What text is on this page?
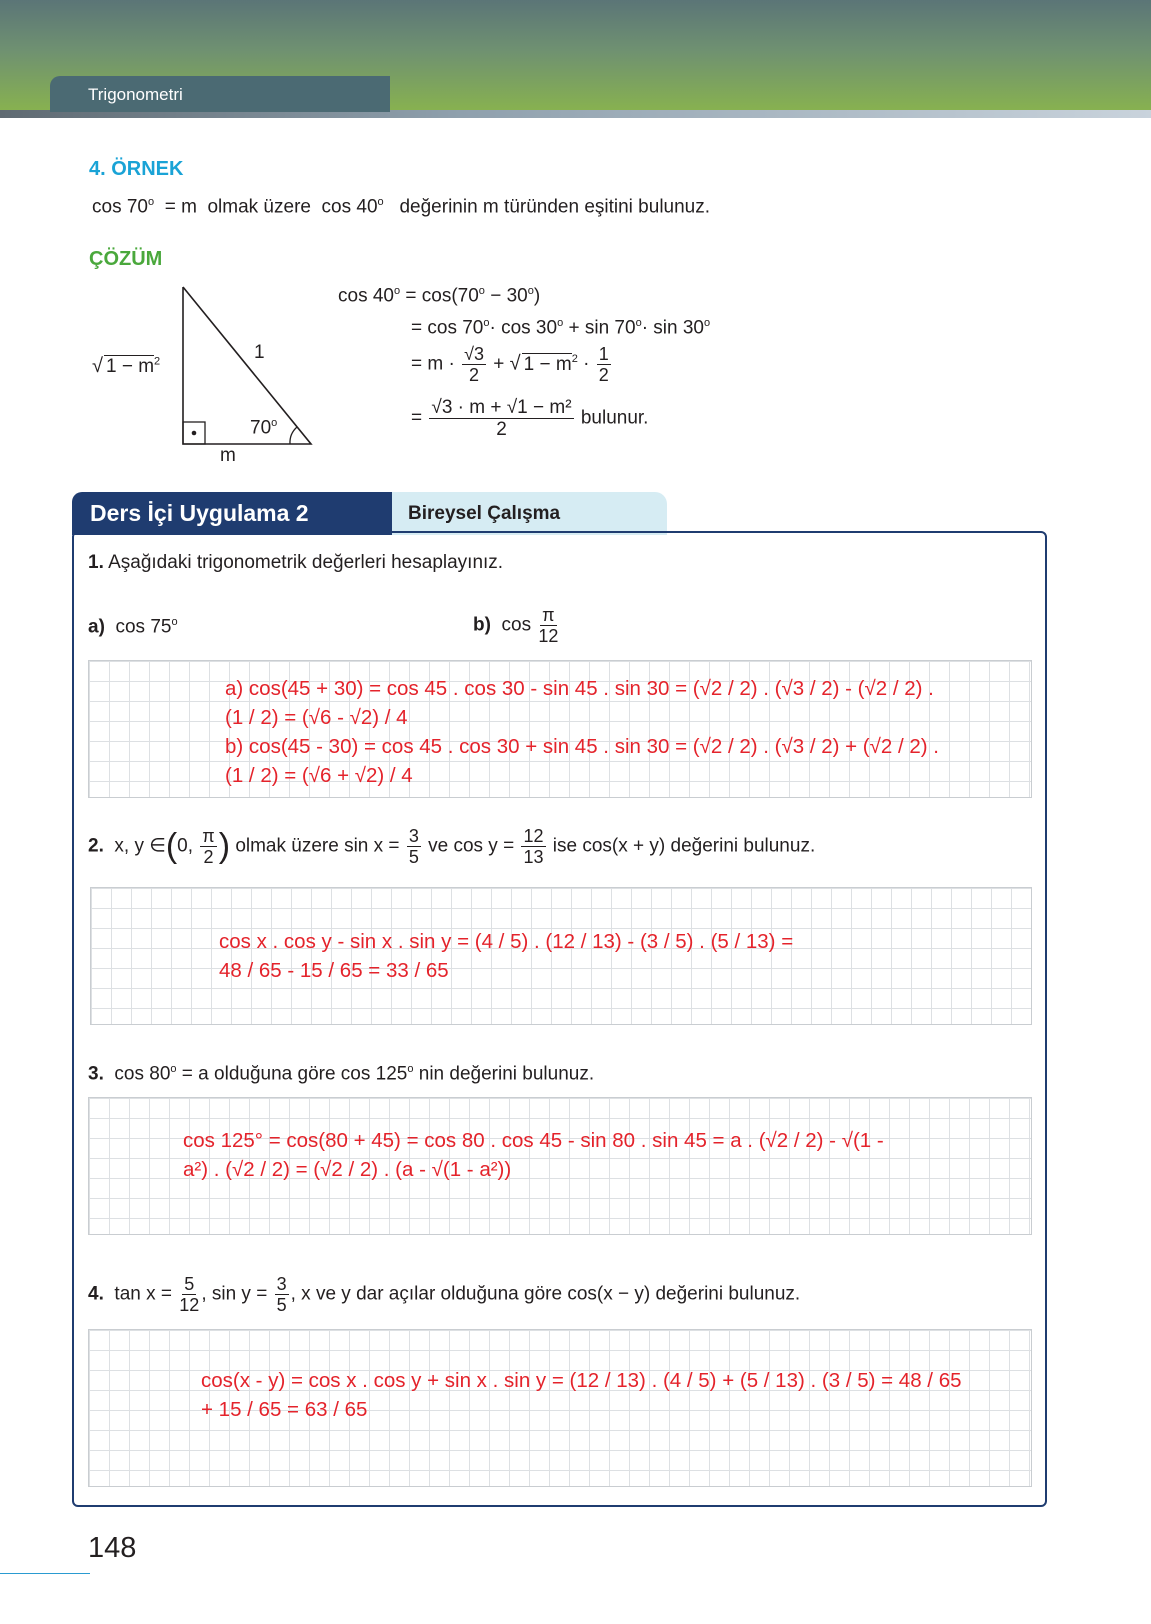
Trigonometri
4. ÖRNEK
$\cos 70^o = m$ olmak üzere cos 40$^o$ değerinin m türünden eşitini bulunuz.
ÇÖZÜM
√ $1 - m^2$	1
70$^o$
m
$\cos 40^o = \cos(70^o - 30^o)$
= $\cos 70^o\cdot \cos 30^o + \sin 70^o\cdot \sin 30^o$
= $m \cdot \frac{√3}{2}$ + √ $1 - m^2 \cdot \frac{1}{2}$
= $\frac{\text{√3 · m + √1 − m²}}{2}$ bulunur.
Bireysel Çalışma
Ders İçi Uygulama 2
1. Aşağıdaki trigonometrik değerleri hesaplayınız.
a) cos 75$^o$	b) $\cos \frac{\pi}{12}$
a) cos(45 + 30) = cos 45 . cos 30 - sin 45 . sin 30 = (√2 / 2) . (√3 / 2) - (√2 / 2) .
(1 / 2) = (√6 - √2) / 4
b) cos(45 - 30) = cos 45 . cos 30 + sin 45 . sin 30 = (√2 / 2) . (√3 / 2) + (√2 / 2) .
(1 / 2) = (√6 + √2) / 4
2. x, y ∈(0, $\frac{\pi}{2}$ ) olmak üzere $\sin x = \frac{3}{5}$ ve $\cos y = \frac{12}{13}$ ise cos(x + y) değerini bulunuz.
cos x . cos y - sin x . sin y = (4 / 5) . (12 / 13) - (3 / 5) . (5 / 13) =
48 / 65 - 15 / 65 = 33 / 65
3. $\cos 80^o = a$ olduğuna göre cos 125$^o$ nin değerini bulunuz.
cos 125° = cos(80 + 45) = cos 80 . cos 45 - sin 80 . sin 45 = a . (√2 / 2) - √(1 -
a²) . (√2 / 2) = (√2 / 2) . (a - √(1 - a²))
4. $\tan x = \frac{5}{12}$ , $\sin y = \frac{3}{5}$ , x ve y dar açılar olduğuna göre cos(x − y) değerini bulunuz.
cos(x - y) = cos x . cos y + sin x . sin y = (12 / 13) . (4 / 5) + (5 / 13) . (3 / 5) = 48 / 65
+ 15 / 65 = 63 / 65
148
